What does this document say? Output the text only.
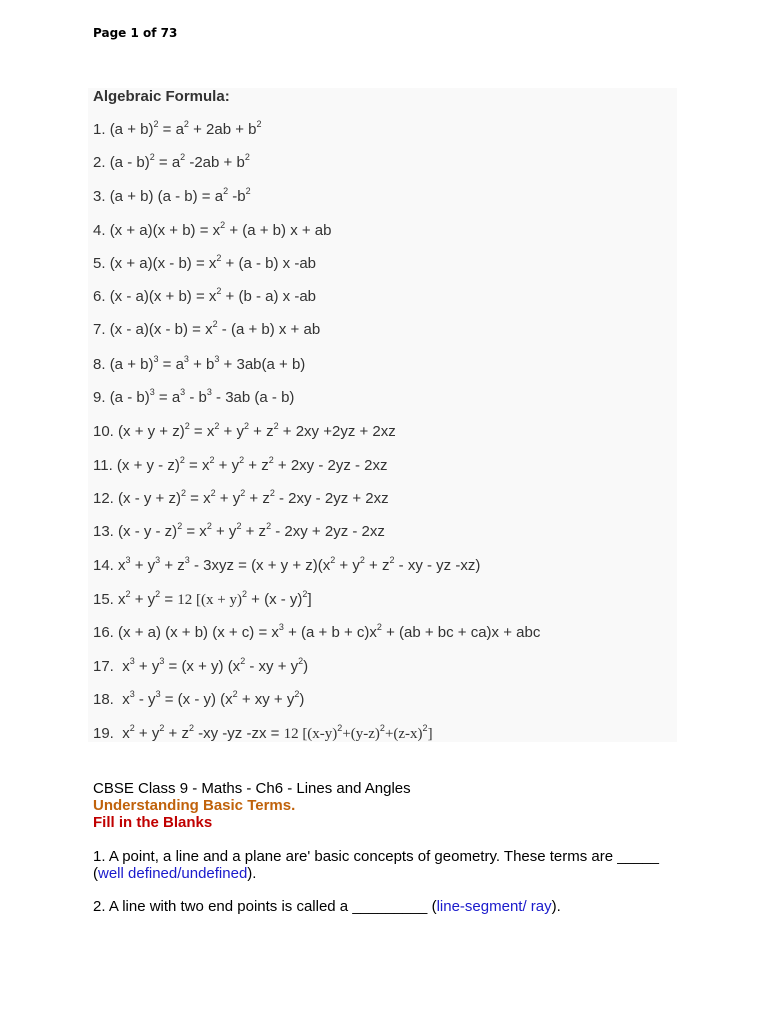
Page 1 of 73
Algebraic Formula:
1. $(a + b)^2 = a^2 + 2ab + b^2$
2. $(a - b)^2 = a^2$ $-2ab + b^2$
3. (a + b) $(a - b) = a^2$ $-b^2$
4. $(x + a)(x + b) = x^2 + (a + b) x$ + ab
5. $(x + a)(x - b) = x^2 + (a - b)$ x -ab
6. $(x - a)(x + b) = x^2 + (b - a)$ x -ab
7. $(x - a)(x - b) = x^2 - (a + b) x$ + ab
8. $(a + b)^3 = a^3 + b^3 + 3ab(a + b)$
9. $(a - b)^3 = a^3 - b^3 - 3ab$ (a - b)
10. $(x + y + z)^2 = x^2 + y^2 + z^2 + 2xy +2yz + 2xz$
11. $(x + y - z)^2 = x^2 + y^2 + z^2 + 2xy - 2yz - 2xz$
12. $(x - y + z)^2 = x^2 + y^2 + z^2 - 2xy - 2yz + 2xz$
13. $(x - y - z)^2 = x^2 + y^2 + z^2 - 2xy + 2yz - 2xz$
14. $x^3 + y^3 + z^3 - 3xyz = (x + y + z)(x^2 + y^2 + z^2$ - xy - yz -xz)
15. $x^2 + y^2 = 12$ $[(x + y)^2 + (x - y)^2]$
16. (x + a) (x + b) $(x + c) = x^3 + (a + b + c)x^2 + (ab$ + bc + ca)x + abc
17. $x^3 + y^3 = (x + y)$ ($x^2$ - xy + $y^2$)
18. $x^3 - y^3 = (x - y) (x^2$ + xy + $y^2$)
19. $x^2 + y^2 + z^2$ -xy -yz -zx = 12 $[(x-y)^2+(y-z)^2+(z-x)^2]$
CBSE Class 9 - Maths - Ch6 - Lines and Angles
Understanding Basic Terms.
Fill in the Blanks
1. A point, a line and a plane are' basic concepts of geometry. These terms are _____ (well defined/undefined).
2. A line with two end points is called a _________ (line-segment/ ray).
